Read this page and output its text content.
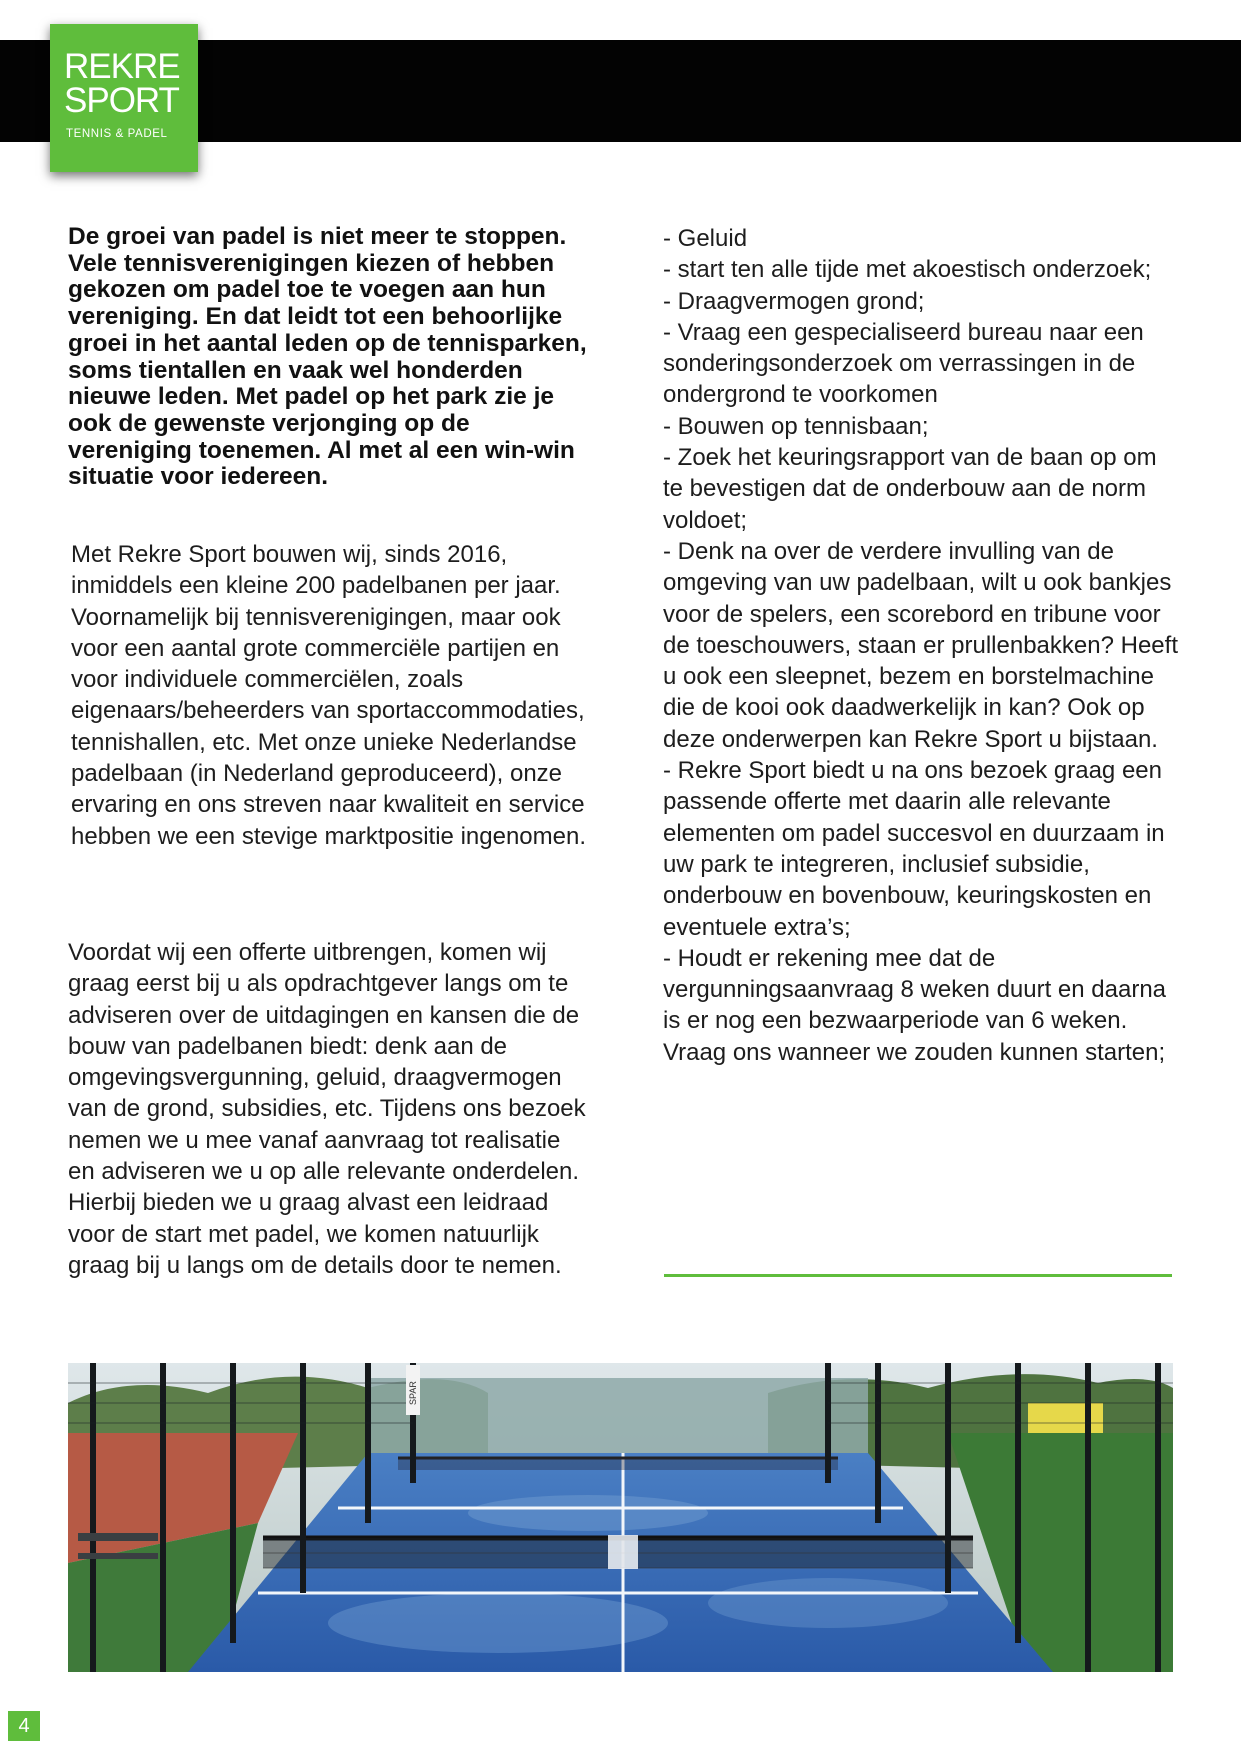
REKRE
SPORT
TENNIS & PADEL
De groei van padel is niet meer te stoppen. Vele tennisverenigingen kiezen of hebben gekozen om padel toe te voegen aan hun vereniging. En dat leidt tot een behoorlijke groei in het aantal leden op de tennisparken, soms tientallen en vaak wel honderden nieuwe leden. Met padel op het park zie je ook de gewenste verjonging op de vereniging toenemen. Al met al een win-win situatie voor iedereen.
Met Rekre Sport bouwen wij, sinds 2016, inmiddels een kleine 200 padelbanen per jaar. Voornamelijk bij tennisverenigingen, maar ook voor een aantal grote commerciële partijen en voor individuele commerciëlen, zoals eigenaars/beheerders van sportaccommodaties, tennishallen, etc. Met onze unieke Nederlandse padelbaan (in Nederland geproduceerd), onze ervaring en ons streven naar kwaliteit en service hebben we een stevige marktpositie ingenomen.
Voordat wij een offerte uitbrengen, komen wij graag eerst bij u als opdrachtgever langs om te adviseren over de uitdagingen en kansen die de bouw van padelbanen biedt: denk aan de omgevingsvergunning, geluid, draagvermogen van de grond, subsidies, etc. Tijdens ons bezoek nemen we u mee vanaf aanvraag tot realisatie en adviseren we u op alle relevante onderdelen. Hierbij bieden we u graag alvast een leidraad voor de start met padel, we komen natuurlijk graag bij u langs om de details door te nemen.

- Geluid

- start ten alle tijde met akoestisch onderzoek;

- Draagvermogen grond;

- Vraag een gespecialiseerd bureau naar een sonderingsonderzoek om verrassingen in de ondergrond te voorkomen

- Bouwen op tennisbaan;

- Zoek het keuringsrapport van de baan op om te bevestigen dat de onderbouw aan de norm voldoet;

- Denk na over de verdere invulling van de omgeving van uw padelbaan, wilt u ook bankjes voor de spelers, een scorebord en tribune voor de toeschouwers, staan er prullenbakken? Heeft u ook een sleepnet, bezem en borstelmachine die de kooi ook daadwerkelijk in kan? Ook op deze onderwerpen kan Rekre Sport u bijstaan.

- Rekre Sport biedt u na ons bezoek graag een passende offerte met daarin alle relevante elementen om padel succesvol en duurzaam in uw park te integreren, inclusief subsidie, onderbouw en bovenbouw, keuringskosten en eventuele extra’s;

- Houdt er rekening mee dat de vergunningsaanvraag 8 weken duurt en daarna is er nog een bezwaarperiode van 6 weken. Vraag ons wanneer we zouden kunnen starten;

SPAR
4
